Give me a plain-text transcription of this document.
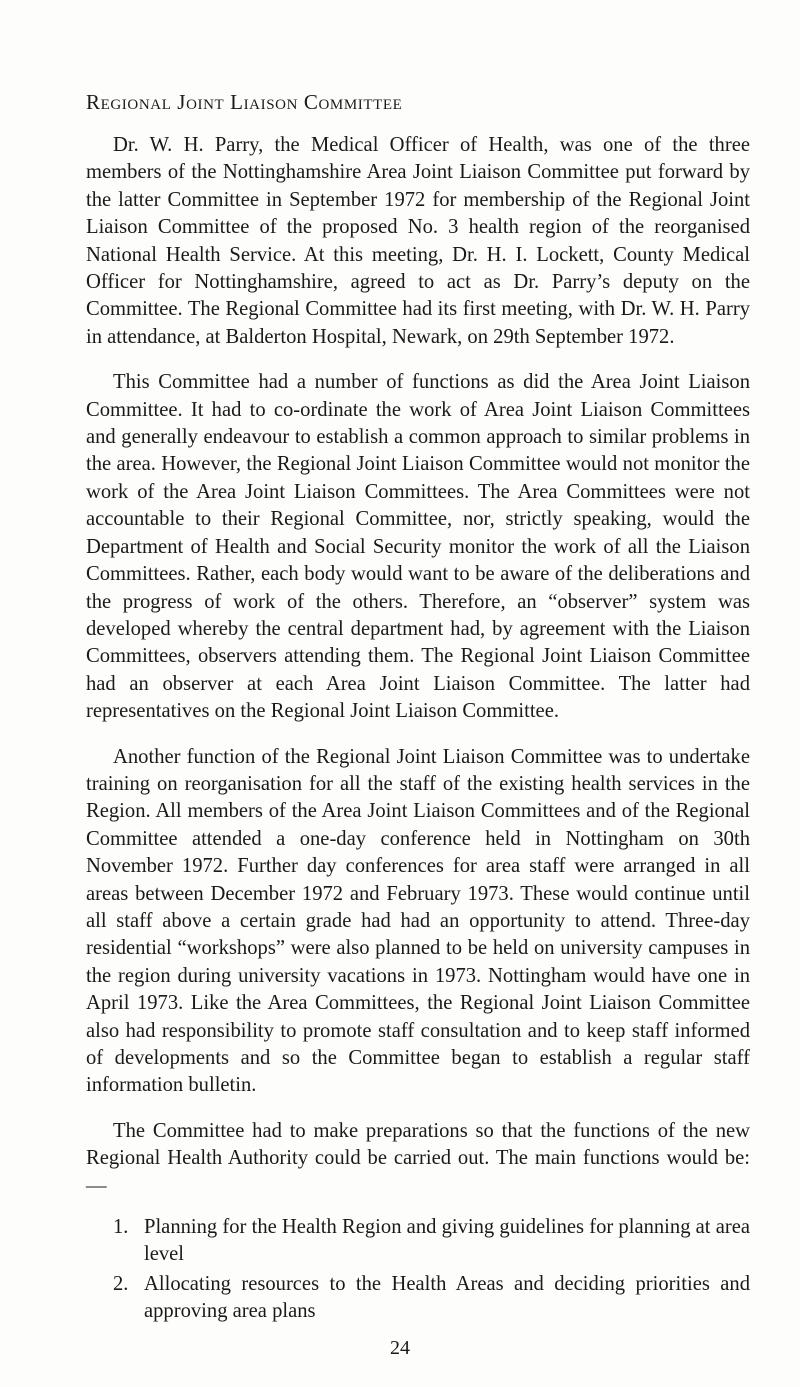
Regional Joint Liaison Committee

Dr. W. H. Parry, the Medical Officer of Health, was one of the three members of the Nottinghamshire Area Joint Liaison Committee put forward by the latter Committee in September 1972 for membership of the Regional Joint Liaison Committee of the proposed No. 3 health region of the reorganised National Health Service. At this meeting, Dr. H. I. Lockett, County Medical Officer for Nottinghamshire, agreed to act as Dr. Parry’s deputy on the Committee. The Regional Committee had its first meeting, with Dr. W. H. Parry in attendance, at Balderton Hospital, Newark, on 29th September 1972.

This Committee had a number of functions as did the Area Joint Liaison Committee. It had to co-ordinate the work of Area Joint Liaison Committees and generally endeavour to establish a common approach to similar problems in the area. However, the Regional Joint Liaison Committee would not monitor the work of the Area Joint Liaison Committees. The Area Committees were not accountable to their Regional Committee, nor, strictly speaking, would the Department of Health and Social Security monitor the work of all the Liaison Committees. Rather, each body would want to be aware of the deliberations and the progress of work of the others. Therefore, an “observer” system was developed whereby the central department had, by agreement with the Liaison Committees, observers attending them. The Regional Joint Liaison Committee had an observer at each Area Joint Liaison Committee. The latter had representatives on the Regional Joint Liaison Committee.

Another function of the Regional Joint Liaison Committee was to undertake training on reorganisation for all the staff of the existing health services in the Region. All members of the Area Joint Liaison Committees and of the Regional Committee attended a one-day conference held in Nottingham on 30th November 1972. Further day conferences for area staff were arranged in all areas between December 1972 and February 1973. These would continue until all staff above a certain grade had had an opportunity to attend. Three-day residential “workshops” were also planned to be held on university campuses in the region during university vacations in 1973. Nottingham would have one in April 1973. Like the Area Committees, the Regional Joint Liaison Committee also had responsibility to promote staff consultation and to keep staff informed of developments and so the Committee began to establish a regular staff information bulletin.

The Committee had to make preparations so that the functions of the new Regional Health Authority could be carried out. The main functions would be:—

1. Planning for the Health Region and giving guidelines for planning at area level
2. Allocating resources to the Health Areas and deciding priorities and approving area plans
24
